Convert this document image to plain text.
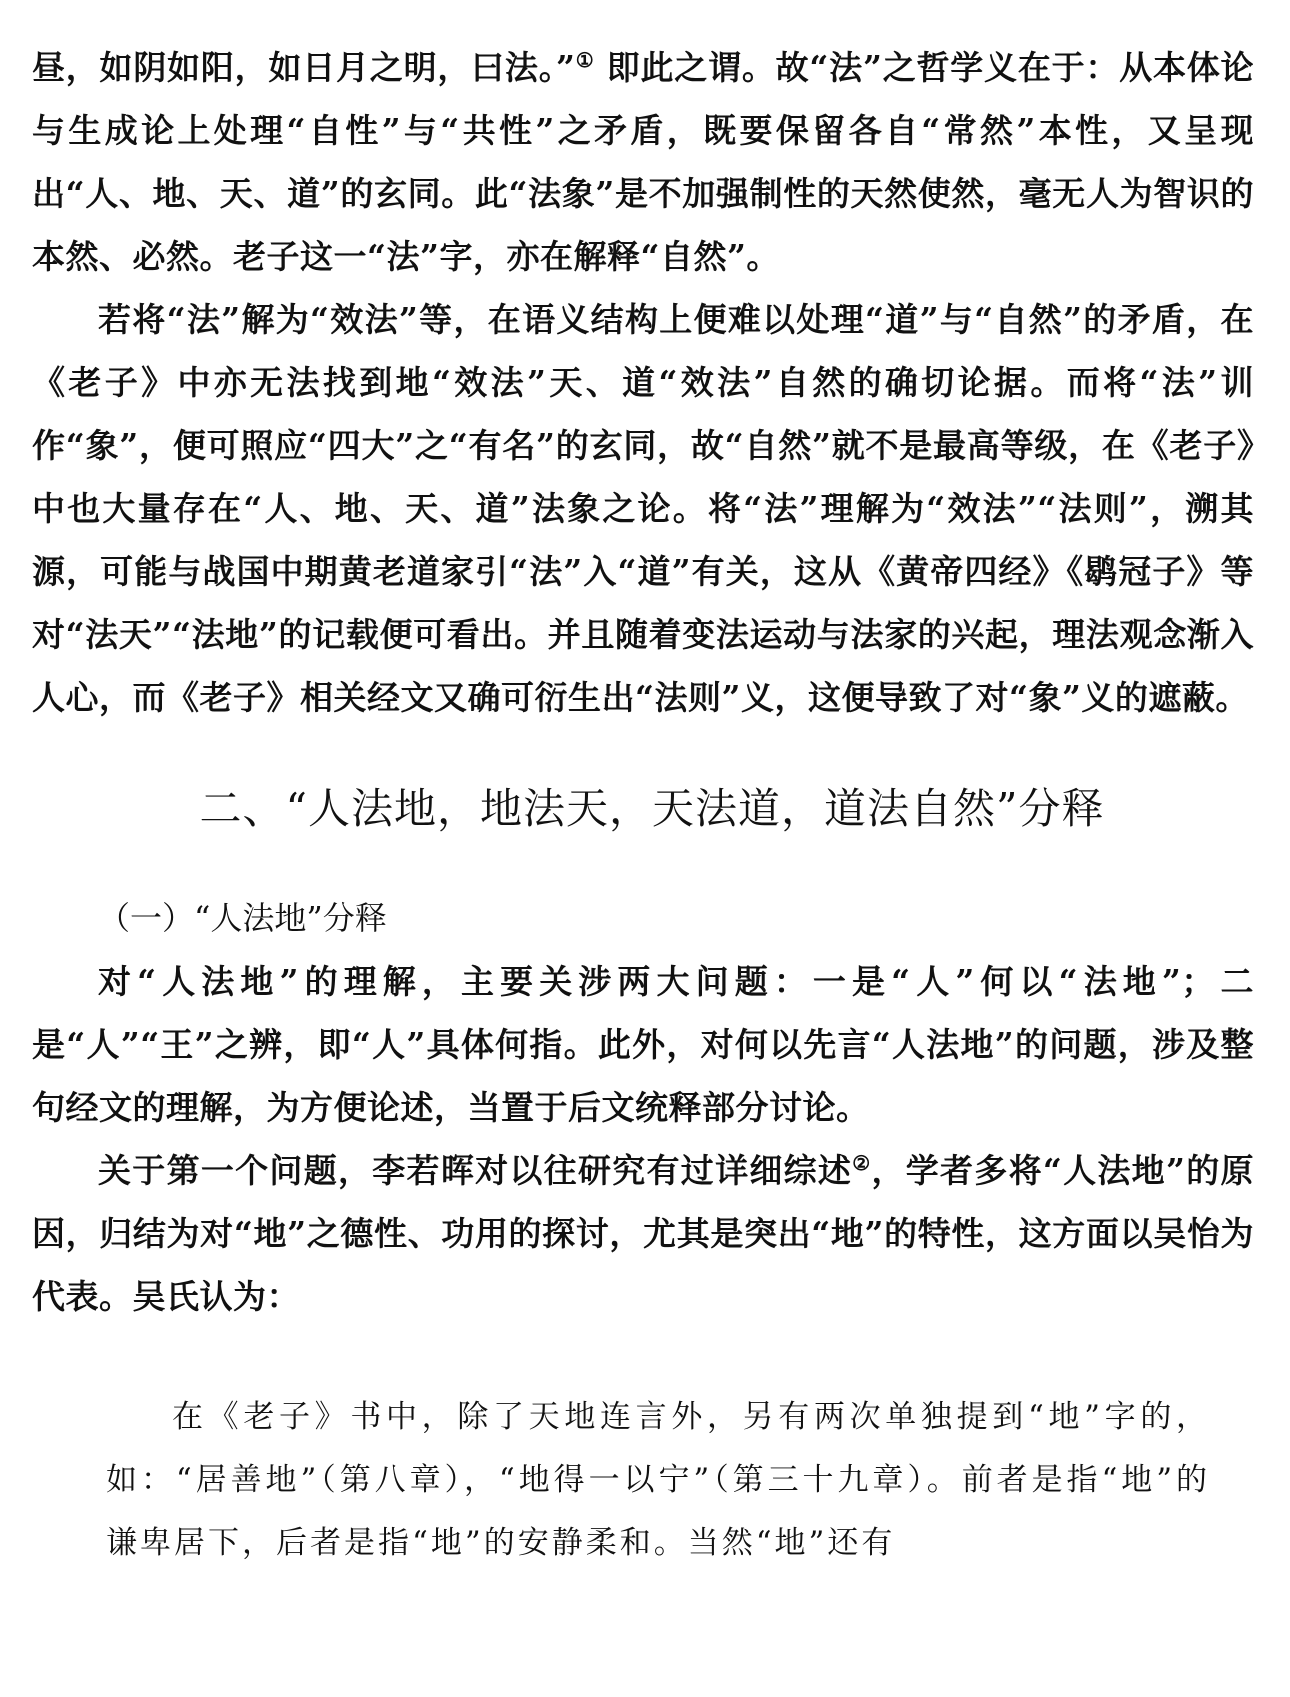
昼，如阴如阳，如日月之明，曰法。”① 即此之谓。故“法”之哲学义在于：从本体论与生成论上处理“自性”与“共性”之矛盾，既要保留各自“常然”本性，又呈现出“人、地、天、道”的玄同。此“法象”是不加强制性的天然使然，毫无人为智识的本然、必然。老子这一“法”字，亦在解释“自然”。

若将“法”解为“效法”等，在语义结构上便难以处理“道”与“自然”的矛盾，在《老子》中亦无法找到地“效法”天、道“效法”自然的确切论据。而将“法”训作“象”，便可照应“四大”之“有名”的玄同，故“自然”就不是最高等级，在《老子》中也大量存在“人、地、天、道”法象之论。将“法”理解为“效法”“法则”，溯其源，可能与战国中期黄老道家引“法”入“道”有关，这从《黄帝四经》《鹖冠子》等对“法天”“法地”的记载便可看出。并且随着变法运动与法家的兴起，理法观念渐入人心，而《老子》相关经文又确可衍生出“法则”义，这便导致了对“象”义的遮蔽。

二、“人法地，地法天，天法道，道法自然”分释
（一）“人法地”分释

对“人法地”的理解，主要关涉两大问题：一是“人”何以“法地”；二是“人”“王”之辨，即“人”具体何指。此外，对何以先言“人法地”的问题，涉及整句经文的理解，为方便论述，当置于后文统释部分讨论。

关于第一个问题，李若晖对以往研究有过详细综述②，学者多将“人法地”的原因，归结为对“地”之德性、功用的探讨，尤其是突出“地”的特性，这方面以吴怡为代表。吴氏认为：

在《老子》书中，除了天地连言外，另有两次单独提到“地”字的，如：“居善地”（第八章），“地得一以宁”（第三十九章）。前者是指“地”的谦卑居下，后者是指“地”的安静柔和。当然“地”还有
